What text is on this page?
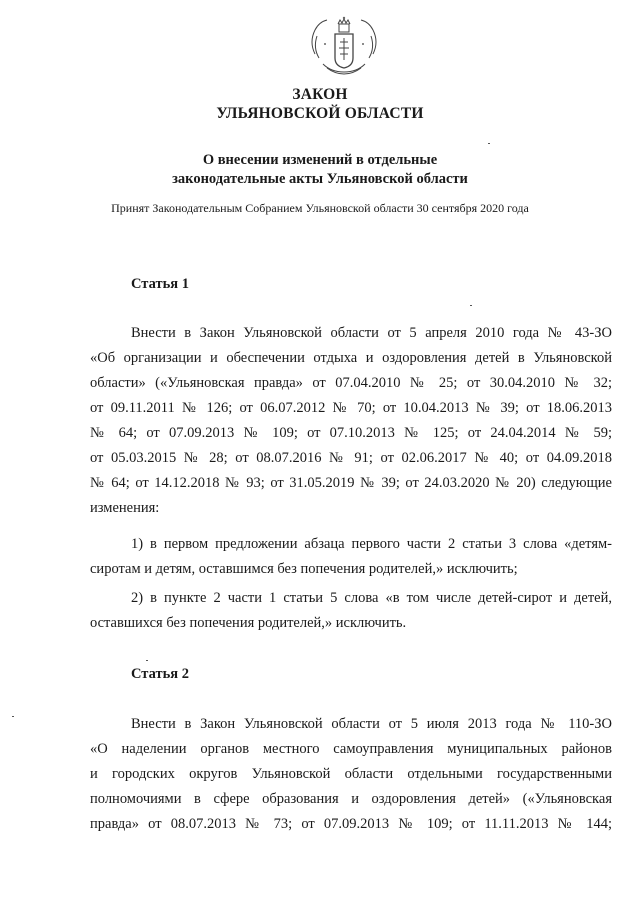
ЗАКОН
УЛЬЯНОВСКОЙ ОБЛАСТИ
О внесении изменений в отдельные
законодательные акты Ульяновской области
Принят Законодательным Собранием Ульяновской области 30 сентября 2020 года
Статья 1
Внести в Закон Ульяновской области от 5 апреля 2010 года № 43-ЗО
«Об организации и обеспечении отдыха и оздоровления детей в Ульяновской
области» («Ульяновская правда» от 07.04.2010 № 25; от 30.04.2010 № 32;
от 09.11.2011 № 126; от 06.07.2012 № 70; от 10.04.2013 № 39; от 18.06.2013
№ 64; от 07.09.2013 № 109; от 07.10.2013 № 125; от 24.04.2014 № 59;
от 05.03.2015 № 28; от 08.07.2016 № 91; от 02.06.2017 № 40; от 04.09.2018
№ 64; от 14.12.2018 № 93; от 31.05.2019 № 39; от 24.03.2020 № 20) следующие
изменения:
1) в первом предложении абзаца первого части 2 статьи 3 слова «детям-
сиротам и детям, оставшимся без попечения родителей,» исключить;
2) в пункте 2 части 1 статьи 5 слова «в том числе детей-сирот и детей,
оставшихся без попечения родителей,» исключить.
Статья 2
Внести в Закон Ульяновской области от 5 июля 2013 года № 110-ЗО
«О наделении органов местного самоуправления муниципальных районов
и городских округов Ульяновской области отдельными государственными
полномочиями в сфере образования и оздоровления детей» («Ульяновская
правда» от 08.07.2013 № 73; от 07.09.2013 № 109; от 11.11.2013 № 144;
